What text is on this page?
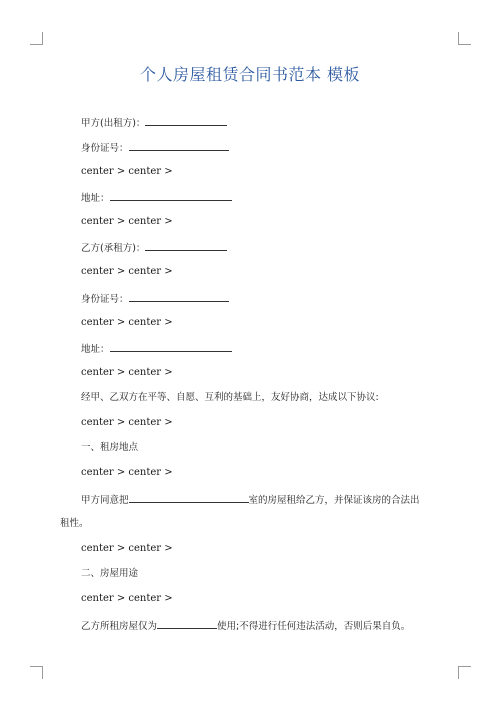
个人房屋租赁合同书范本 模板
甲方(出租方)：
身份证号：
center > center >
地址：
center > center >
乙方(承租方)：
center > center >
身份证号：
center > center >
地址：
center > center >
经甲、乙双方在平等、自愿、互利的基础上，友好协商，达成以下协议:
center > center >
一、租房地点
center > center >
甲方同意把	室的房屋租给乙方，并保证该房的合法出
租性。
center > center >
二、房屋用途
center > center >
乙方所租房屋仅为	使用;不得进行任何违法活动，否则后果自负。
